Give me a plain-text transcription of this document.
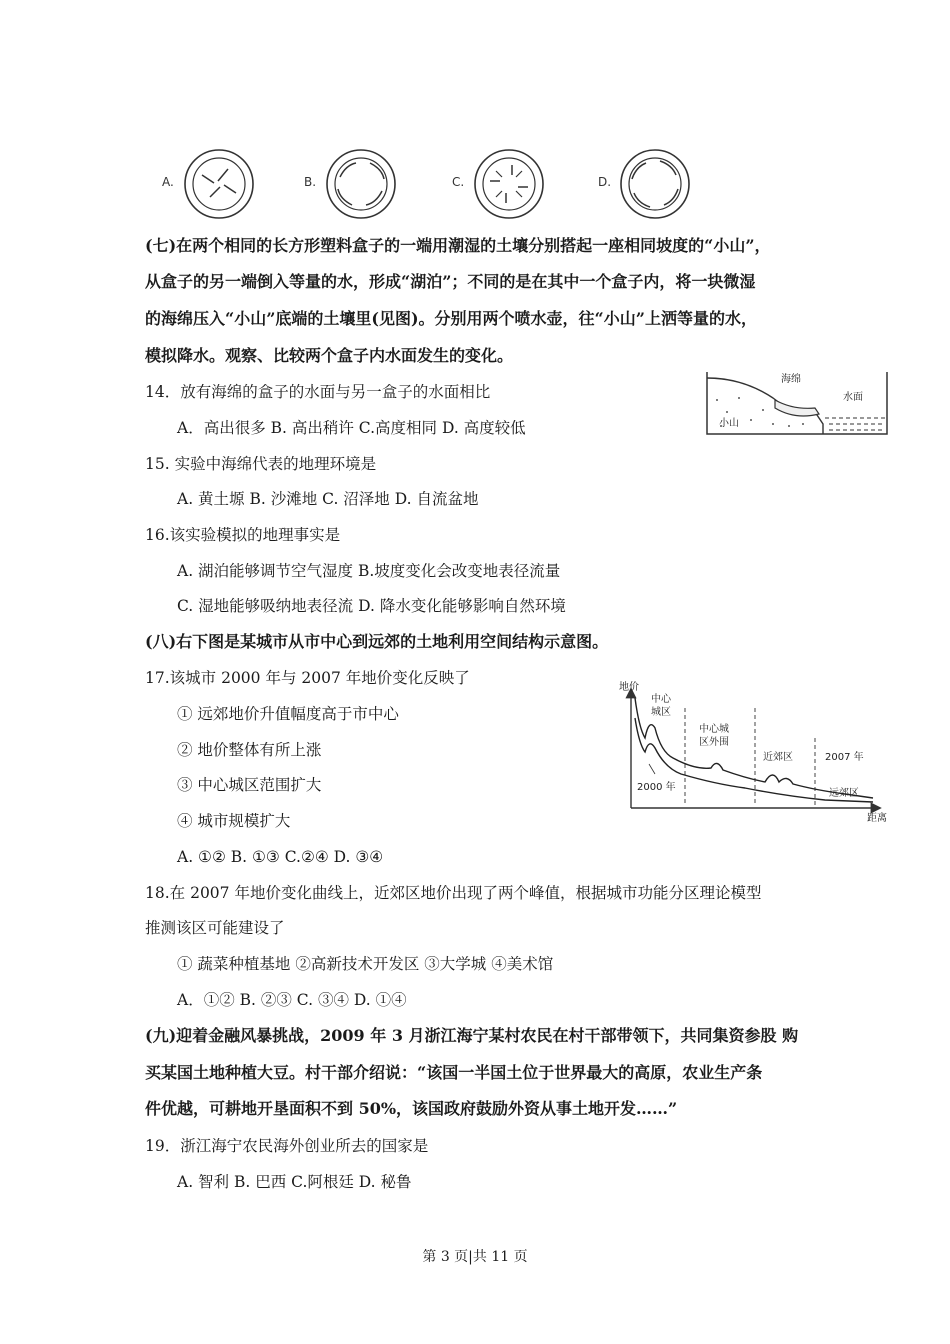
A.	B.	C.	D.
(七)在两个相同的长方形塑料盒子的一端用潮湿的土壤分别搭起一座相同坡度的“小山”，
从盒子的另一端倒入等量的水，形成“湖泊”；不同的是在其中一个盒子内，将一块微湿
的海绵压入“小山”底端的土壤里(见图)。分别用两个喷水壶，往“小山”上洒等量的水，
模拟降水。观察、比较两个盒子内水面发生的变化。
海绵
水面
小山
14．放有海绵的盒子的水面与另一盒子的水面相比
A．高出很多 B. 高出稍许 C.高度相同 D. 高度较低
15. 实验中海绵代表的地理环境是
A. 黄土塬 B. 沙滩地 C. 沼泽地 D. 自流盆地
16.该实验模拟的地理事实是
A. 湖泊能够调节空气湿度 B.坡度变化会改变地表径流量
C. 湿地能够吸纳地表径流 D. 降水变化能够影响自然环境
(八)右下图是某城市从市中心到远郊的土地利用空间结构示意图。
17.该城市 2000 年与 2007 年地价变化反映了
① 远郊地价升值幅度高于市中心
② 地价整体有所上涨
③ 中心城区范围扩大
④ 城市规模扩大
A. ①② B. ①③ C.②④ D. ③④
地价
距离
中心
城区
中心城
区外围
近郊区
远郊区
2000 年
2007 年
18.在 2007 年地价变化曲线上，近郊区地价出现了两个峰值，根据城市功能分区理论模型
推测该区可能建设了
① 蔬菜种植基地 ②高新技术开发区 ③大学城 ④美术馆
A．①② B. ②③ C. ③④ D. ①④
(九)迎着金融风暴挑战，2009 年 3 月浙江海宁某村农民在村干部带领下，共同集资参股 购
买某国土地种植大豆。村干部介绍说：“该国一半国土位于世界最大的高原，农业生产条
件优越，可耕地开垦面积不到 50%，该国政府鼓励外资从事土地开发……”
19．浙江海宁农民海外创业所去的国家是
A. 智利 B. 巴西 C.阿根廷 D. 秘鲁
第 3 页|共 11 页
